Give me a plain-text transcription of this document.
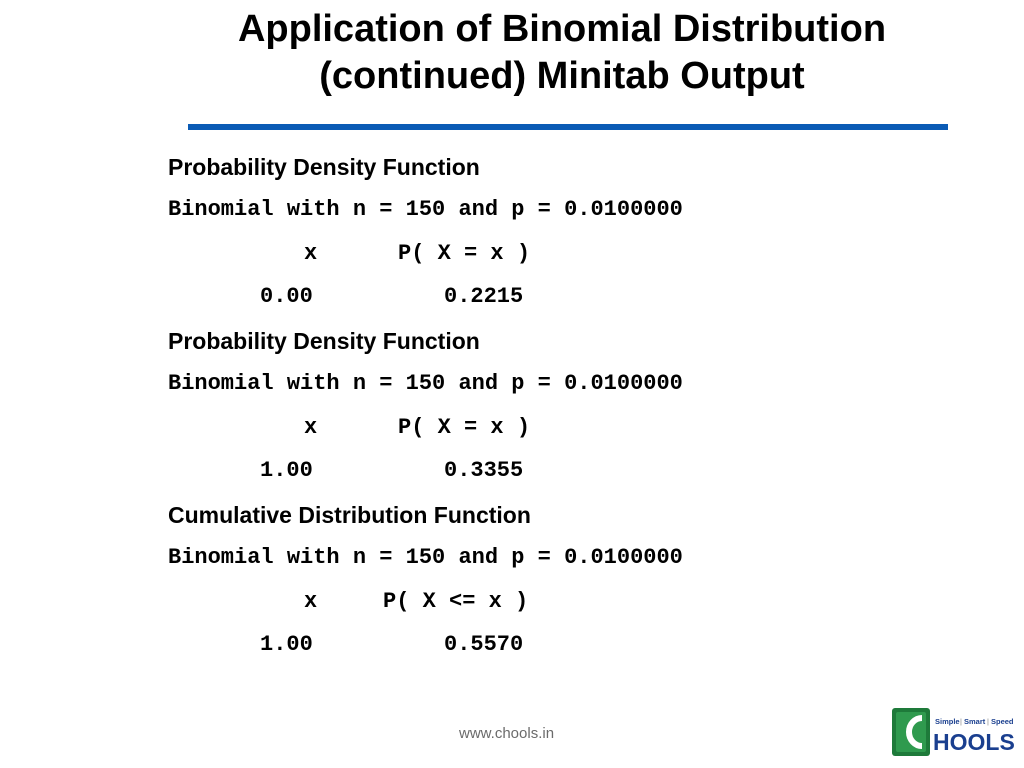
Application of Binomial Distribution
(continued) Minitab Output
Probability Density Function
Binomial with n = 150 and p = 0.0100000
x	P( X = x )
0.00	0.2215
Probability Density Function
Binomial with n = 150 and p = 0.0100000
x	P( X = x )
1.00	0.3355
Cumulative Distribution Function
Binomial with n = 150 and p = 0.0100000
x	P( X <= x )
1.00	0.5570
www.chools.in
Simple | Smart | Speed
HOOLS
